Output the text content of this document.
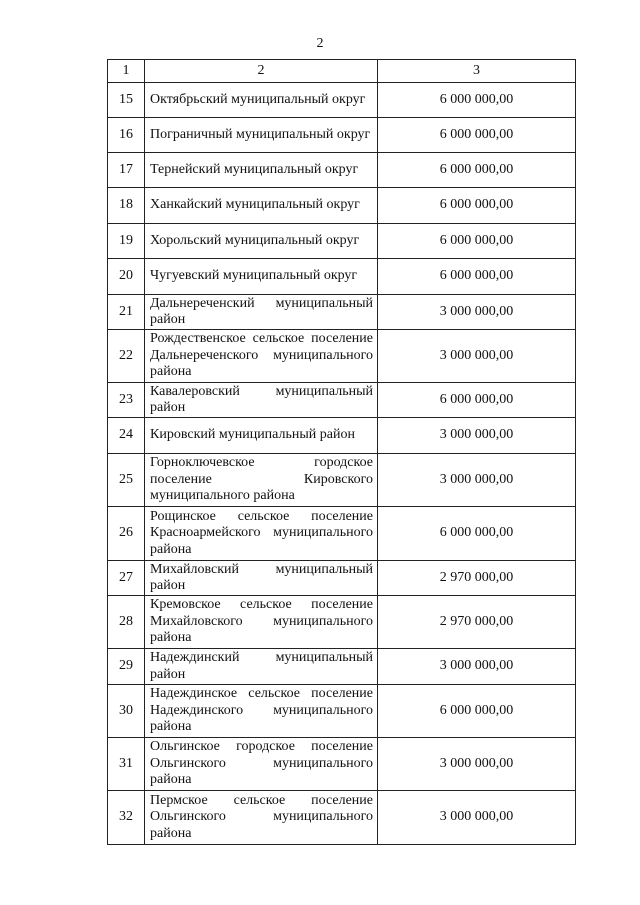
2
1	2	3
15	Октябрьский муниципальный округ	6 000 000,00
16	Пограничный муниципальный округ	6 000 000,00
17	Тернейский муниципальный округ	6 000 000,00
18	Ханкайский муниципальный округ	6 000 000,00
19	Хорольский муниципальный округ	6 000 000,00
20	Чугуевский муниципальный округ	6 000 000,00
21	Дальнереченский муниципальный район	3 000 000,00
22	Рождественское сельское поселение Дальнереченского муниципального района	3 000 000,00
23	Кавалеровский муниципальный район	6 000 000,00
24	Кировский муниципальный район	3 000 000,00
25	Горноключевское городское поселение Кировского муниципального района	3 000 000,00
26	Рощинское сельское поселение Красноармейского муниципального района	6 000 000,00
27	Михайловский муниципальный район	2 970 000,00
28	Кремовское сельское поселение Михайловского муниципального района	2 970 000,00
29	Надеждинский муниципальный район	3 000 000,00
30	Надеждинское сельское поселение Надеждинского муниципального района	6 000 000,00
31	Ольгинское городское поселение Ольгинского муниципального района	3 000 000,00
32	Пермское сельское поселение Ольгинского муниципального района	3 000 000,00
